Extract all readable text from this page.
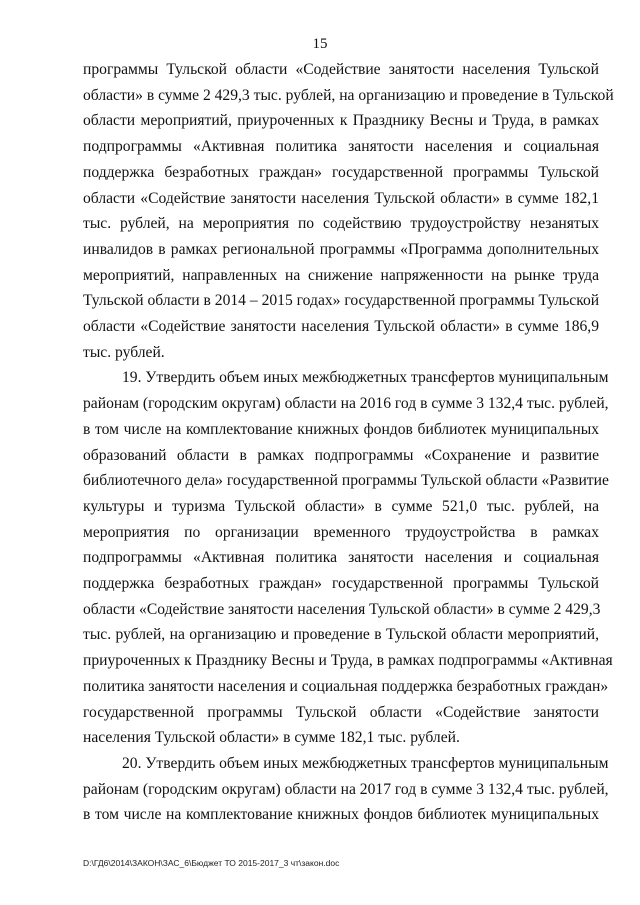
15

программы Тульской области «Содействие занятости населения Тульской
области» в сумме 2 429,3 тыс. рублей, на организацию и проведение в Тульской
области мероприятий, приуроченных к Празднику Весны и Труда, в рамках
подпрограммы «Активная политика занятости населения и социальная
поддержка безработных граждан» государственной программы Тульской
области «Содействие занятости населения Тульской области» в сумме 182,1
тыс. рублей, на мероприятия по содействию трудоустройству незанятых
инвалидов в рамках региональной программы «Программа дополнительных
мероприятий, направленных на снижение напряженности на рынке труда
Тульской области в 2014 – 2015 годах» государственной программы Тульской
области «Содействие занятости населения Тульской области» в сумме 186,9
тыс. рублей.

19. Утвердить объем иных межбюджетных трансфертов муниципальным
районам (городским округам) области на 2016 год в сумме 3 132,4 тыс. рублей,
в том числе на комплектование книжных фондов библиотек муниципальных
образований области в рамках подпрограммы «Сохранение и развитие
библиотечного дела» государственной программы Тульской области «Развитие
культуры и туризма Тульской области» в сумме 521,0 тыс. рублей, на
мероприятия по организации временного трудоустройства в рамках
подпрограммы «Активная политика занятости населения и социальная
поддержка безработных граждан» государственной программы Тульской
области «Содействие занятости населения Тульской области» в сумме 2 429,3
тыс. рублей, на организацию и проведение в Тульской области мероприятий,
приуроченных к Празднику Весны и Труда, в рамках подпрограммы «Активная
политика занятости населения и социальная поддержка безработных граждан»
государственной программы Тульской области «Содействие занятости
населения Тульской области» в сумме 182,1 тыс. рублей.

20. Утвердить объем иных межбюджетных трансфертов муниципальным
районам (городским округам) области на 2017 год в сумме 3 132,4 тыс. рублей,
в том числе на комплектование книжных фондов библиотек муниципальных

D:\ГД6\2014\ЗАКОН\ЗАС_6\Бюджет ТО 2015-2017_3 чт\закон.doc
